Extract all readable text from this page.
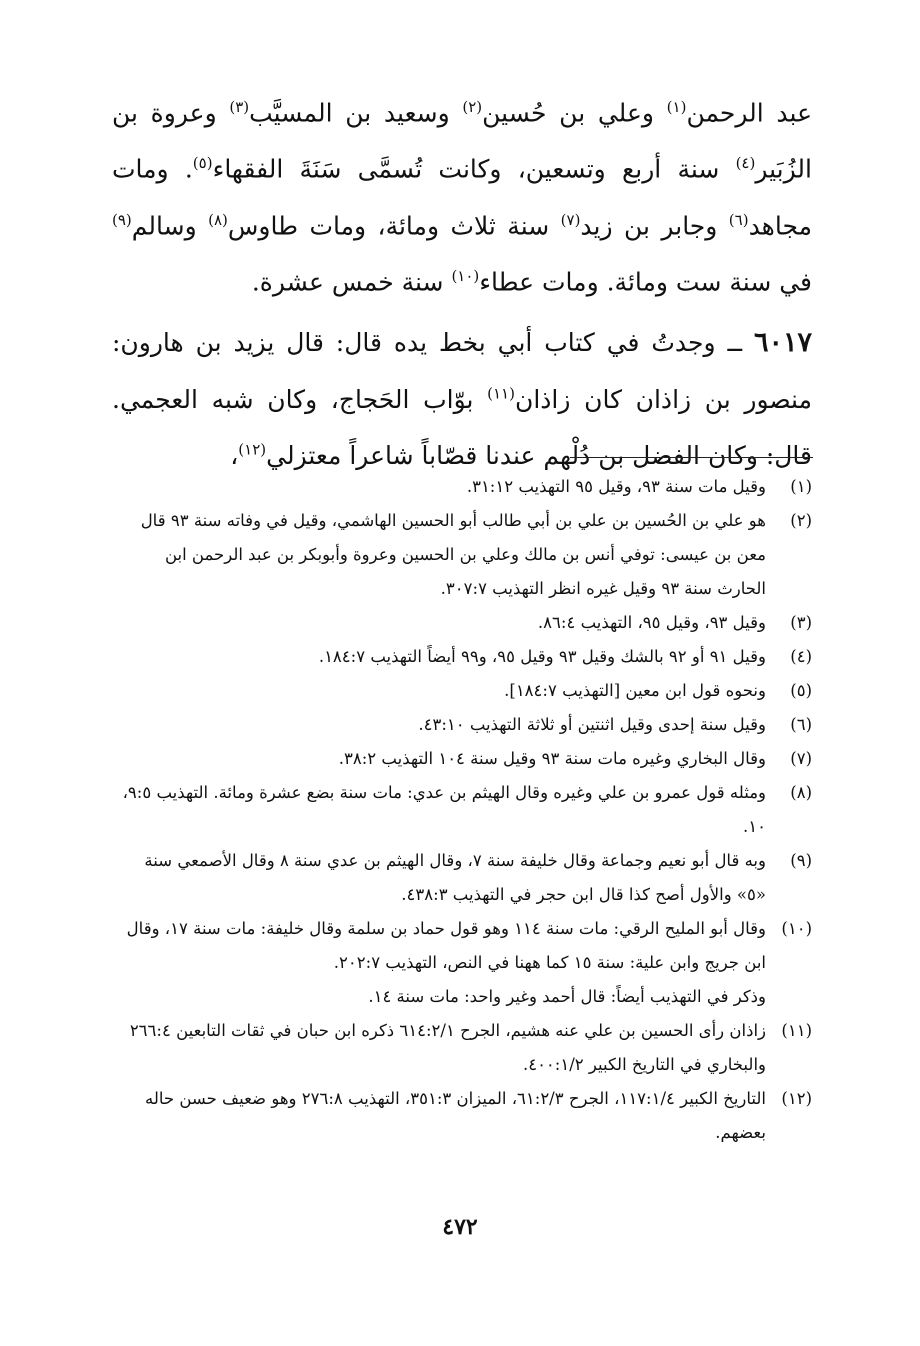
عبد الرحمن$^{(١)}$ وعلي بن حُسين$^{(٢)}$ وسعيد بن المسيَّب$^{(٣)}$ وعروة بن الزُبَير$^{(٤)}$ سنة أربع وتسعين، وكانت تُسمَّى سَنَةَ الفقهاء$^{(٥)}$. ومات مجاهد$^{(٦)}$ وجابر بن زيد$^{(٧)}$ سنة ثلاث ومائة، ومات طاوس$^{(٨)}$ وسالم$^{(٩)}$ في سنة ست ومائة. ومات عطاء$^{(١٠)}$ سنة خمس عشرة.

٦٠١٧ ــ وجدتُ في كتاب أبي بخط يده قال: قال يزيد بن هارون: منصور بن زاذان كان زاذان$^{(١١)}$ بوّاب الحَجاج، وكان شبه العجمي. قال: وكان الفضل بن دُلْهم عندنا قصّاباً شاعراً معتزلي$^{(١٢)}$،

(١)
وقيل مات سنة ٩٣، وقيل ٩٥ التهذيب ٣١:١٢.
(٢)
هو علي بن الحُسين بن علي بن أبي طالب أبو الحسين الهاشمي، وقيل في وفاته سنة ٩٣ قال معن بن عيسى: توفي أنس بن مالك وعلي بن الحسين وعروة وأبوبكر بن عبد الرحمن ابن الحارث سنة ٩٣ وقيل غيره انظر التهذيب ٣٠٧:٧.
(٣)
وقيل ٩٣، وقيل ٩٥، التهذيب ٨٦:٤.
(٤)
وقيل ٩١ أو ٩٢ بالشك وقيل ٩٣ وقيل ٩٥، و٩٩ أيضاً التهذيب ١٨٤:٧.
(٥)
ونحوه قول ابن معين [التهذيب ١٨٤:٧].
(٦)
وقيل سنة إحدى وقيل اثنتين أو ثلاثة التهذيب ٤٣:١٠.
(٧)
وقال البخاري وغيره مات سنة ٩٣ وقيل سنة ١٠٤ التهذيب ٣٨:٢.
(٨)
ومثله قول عمرو بن علي وغيره وقال الهيثم بن عدي: مات سنة بضع عشرة ومائة. التهذيب ٩:٥، ١٠.
(٩)
وبه قال أبو نعيم وجماعة وقال خليفة سنة ٧، وقال الهيثم بن عدي سنة ٨ وقال الأصمعي سنة «٥» والأول أصح كذا قال ابن حجر في التهذيب ٤٣٨:٣.
(١٠)
وقال أبو المليح الرقي: مات سنة ١١٤ وهو قول حماد بن سلمة وقال خليفة: مات سنة ١٧، وقال ابن جريج وابن علية: سنة ١٥ كما ههنا في النص، التهذيب ٢٠٢:٧.
وذكر في التهذيب أيضاً: قال أحمد وغير واحد: مات سنة ١٤.
(١١)
زاذان رأى الحسين بن علي عنه هشيم، الجرح ٦١٤:٢/١ ذكره ابن حبان في ثقات التابعين ٢٦٦:٤ والبخاري في التاريخ الكبير ٤٠٠:١/٢.
(١٢)
التاريخ الكبير ١١٧:١/٤، الجرح ٦١:٢/٣، الميزان ٣٥١:٣، التهذيب ٢٧٦:٨ وهو ضعيف حسن حاله بعضهم.
٤٧٢
